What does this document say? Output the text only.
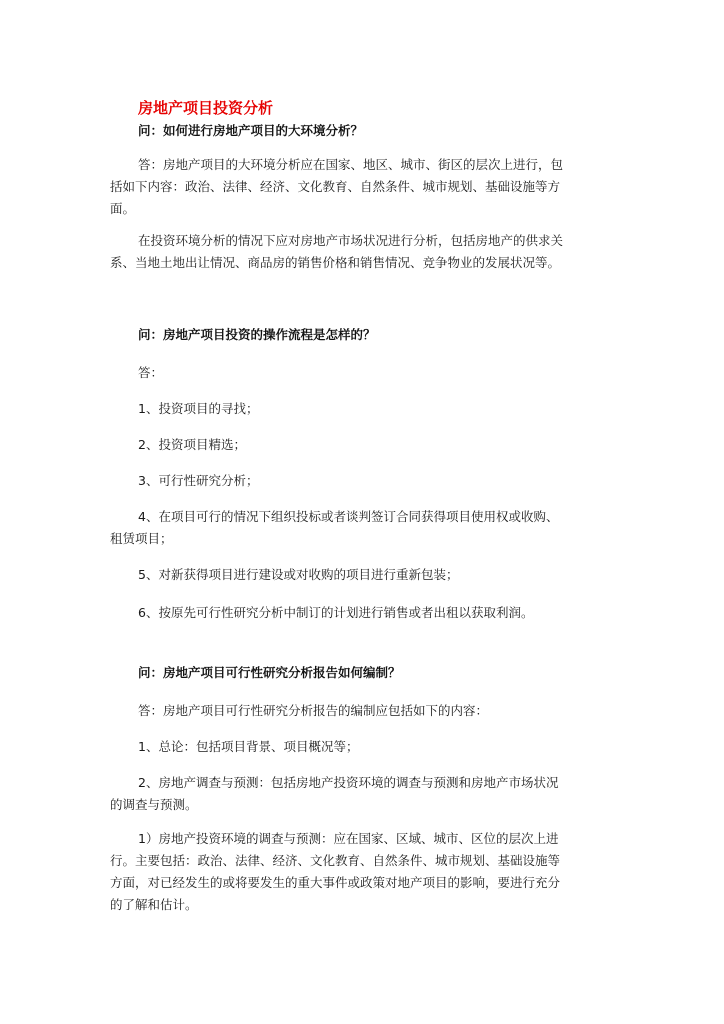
房地产项目投资分析
问：如何进行房地产项目的大环境分析？
答：房地产项目的大环境分析应在国家、地区、城市、街区的层次上进行，包
括如下内容：政治、法律、经济、文化教育、自然条件、城市规划、基础设施等方
面。
在投资环境分析的情况下应对房地产市场状况进行分析，包括房地产的供求关
系、当地土地出让情况、商品房的销售价格和销售情况、竞争物业的发展状况等。
问：房地产项目投资的操作流程是怎样的？
答：
1、投资项目的寻找；
2、投资项目精选；
3、可行性研究分析；
4、在项目可行的情况下组织投标或者谈判签订合同获得项目使用权或收购、
租赁项目；
5、对新获得项目进行建设或对收购的项目进行重新包装；
6、按原先可行性研究分析中制订的计划进行销售或者出租以获取利润。
问：房地产项目可行性研究分析报告如何编制？
答：房地产项目可行性研究分析报告的编制应包括如下的内容：
1、总论：包括项目背景、项目概况等；
2、房地产调查与预测：包括房地产投资环境的调查与预测和房地产市场状况
的调查与预测。
1）房地产投资环境的调查与预测：应在国家、区域、城市、区位的层次上进
行。主要包括：政治、法律、经济、文化教育、自然条件、城市规划、基础设施等
方面，对已经发生的或将要发生的重大事件或政策对地产项目的影响，要进行充分
的了解和估计。
